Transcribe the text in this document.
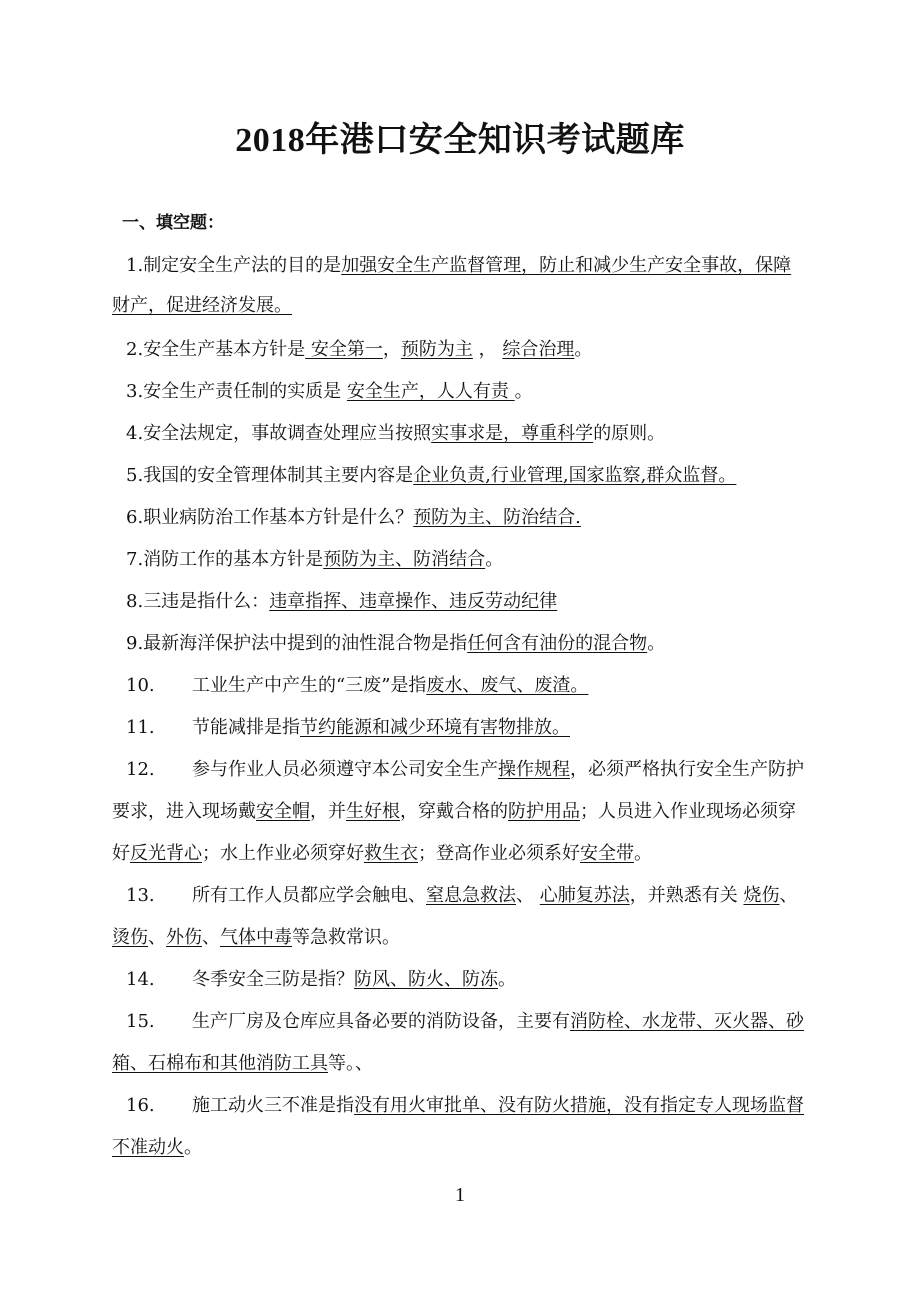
2018年港口安全知识考试题库
一、填空题：
1.制定安全生产法的目的是加强安全生产监督管理，防止和减少生产安全事故，保障
财产，促进经济发展。
2.安全生产基本方针是 安全第一，预防为主 ， 综合治理。
3.安全生产责任制的实质是 安全生产，人人有责 。
4.安全法规定，事故调查处理应当按照实事求是，尊重科学的原则。
5.我国的安全管理体制其主要内容是企业负责,行业管理,国家监察,群众监督。
6.职业病防治工作基本方针是什么？预防为主、防治结合.
7.消防工作的基本方针是预防为主、防消结合。
8.三违是指什么：违章指挥、违章操作、违反劳动纪律
9.最新海洋保护法中提到的油性混合物是指任何含有油份的混合物。
10. 工业生产中产生的“三废”是指废水、废气、废渣。
11. 节能减排是指节约能源和减少环境有害物排放。
12. 参与作业人员必须遵守本公司安全生产操作规程，必须严格执行安全生产防护
要求，进入现场戴安全帽，并生好根，穿戴合格的防护用品；人员进入作业现场必须穿
好反光背心；水上作业必须穿好救生衣；登高作业必须系好安全带。
13. 所有工作人员都应学会触电、窒息急救法、 心肺复苏法，并熟悉有关 烧伤、
烫伤、外伤、气体中毒等急救常识。
14. 冬季安全三防是指？防风、防火、防冻。
15. 生产厂房及仓库应具备必要的消防设备，主要有消防栓、水龙带、灭火器、砂
箱、石棉布和其他消防工具等。、
16. 施工动火三不准是指没有用火审批单、没有防火措施，没有指定专人现场监督
不准动火。
1
